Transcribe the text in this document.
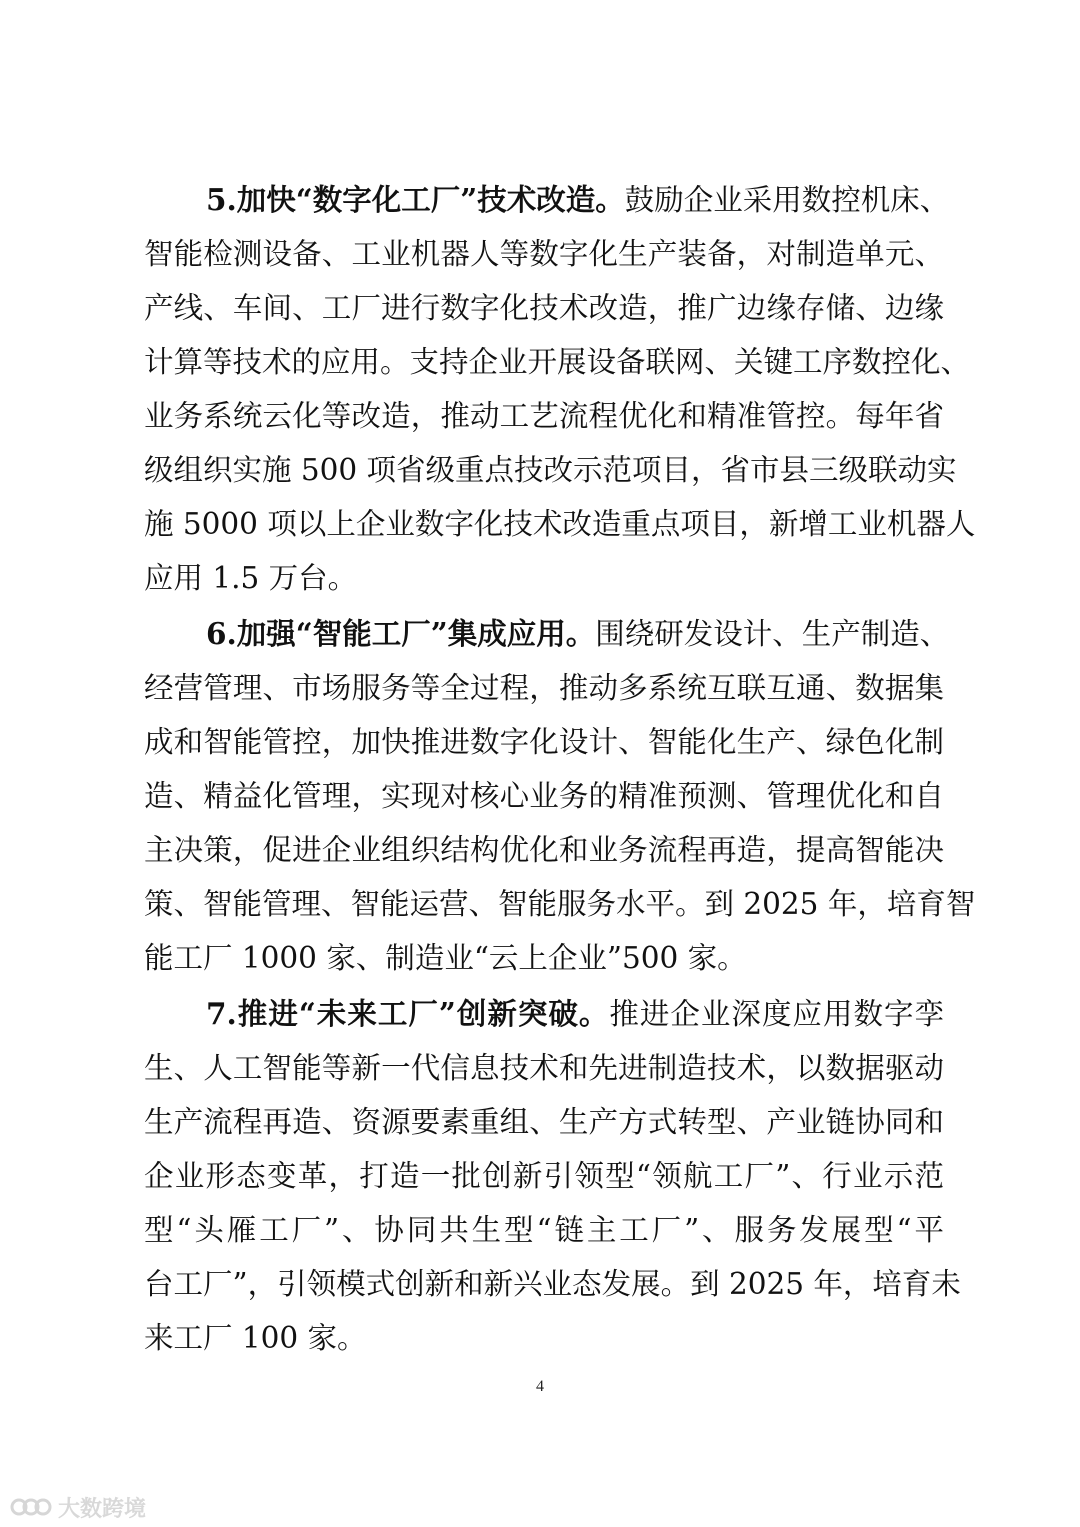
5.加快“数字化工厂”技术改造。鼓励企业采用数控机床、
智能检测设备、工业机器人等数字化生产装备，对制造单元、
产线、车间、工厂进行数字化技术改造，推广边缘存储、边缘
计算等技术的应用。支持企业开展设备联网、关键工序数控化、
业务系统云化等改造，推动工艺流程优化和精准管控。每年省
级组织实施 500 项省级重点技改示范项目，省市县三级联动实
施 5000 项以上企业数字化技术改造重点项目，新增工业机器人
应用 1.5 万台。
6.加强“智能工厂”集成应用。围绕研发设计、生产制造、
经营管理、市场服务等全过程，推动多系统互联互通、数据集
成和智能管控，加快推进数字化设计、智能化生产、绿色化制
造、精益化管理，实现对核心业务的精准预测、管理优化和自
主决策，促进企业组织结构优化和业务流程再造，提高智能决
策、智能管理、智能运营、智能服务水平。到 2025 年，培育智
能工厂 1000 家、制造业“云上企业”500 家。
7.推进“未来工厂”创新突破。推进企业深度应用数字孪
生、人工智能等新一代信息技术和先进制造技术，以数据驱动
生产流程再造、资源要素重组、生产方式转型、产业链协同和
企业形态变革，打造一批创新引领型“领航工厂”、行业示范
型“头雁工厂”、协同共生型“链主工厂”、服务发展型“平
台工厂”，引领模式创新和新兴业态发展。到 2025 年，培育未
来工厂 100 家。
4
大数跨境
